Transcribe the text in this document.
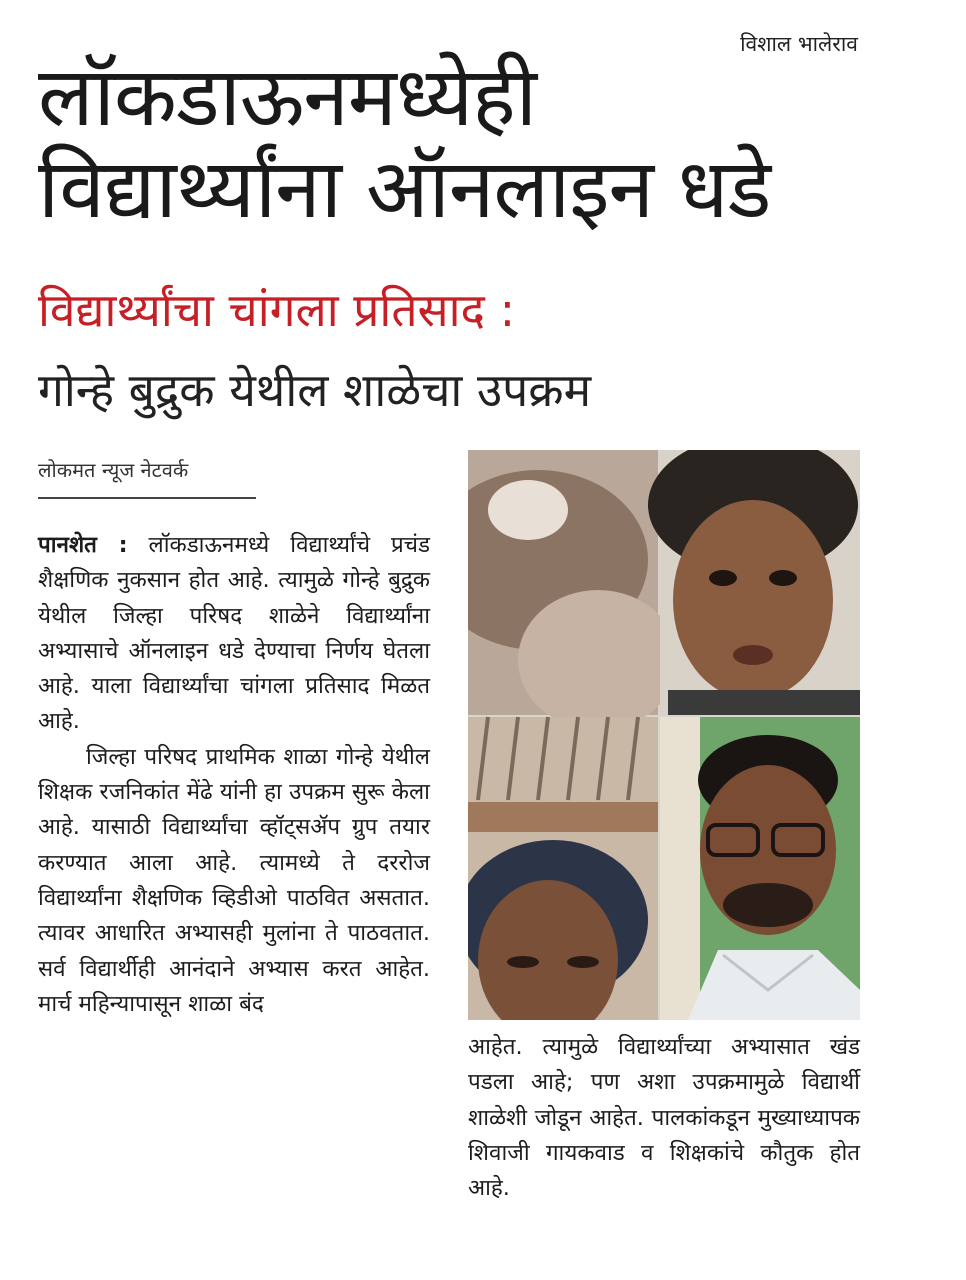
विशाल भालेराव
लॉकडाऊनमध्येही
विद्यार्थ्यांना ऑनलाइन धडे
विद्यार्थ्यांचा चांगला प्रतिसाद :
गोन्हे बुद्रुक येथील शाळेचा उपक्रम
लोकमत न्यूज नेटवर्क

पानशेत : लॉकडाऊनमध्ये विद्यार्थ्यांचे प्रचंड शैक्षणिक नुकसान होत आहे. त्यामुळे गोन्हे बुद्रुक येथील जिल्हा परिषद शाळेने विद्यार्थ्यांना अभ्यासाचे ऑनलाइन धडे देण्याचा निर्णय घेतला आहे. याला विद्यार्थ्यांचा चांगला प्रतिसाद मिळत आहे.

जिल्हा परिषद प्राथमिक शाळा गोन्हे येथील शिक्षक रजनिकांत मेंढे यांनी हा उपक्रम सुरू केला आहे. यासाठी विद्यार्थ्यांचा व्हॉट्सॲप ग्रुप तयार करण्यात आला आहे. त्यामध्ये ते दररोज विद्यार्थ्यांना शैक्षणिक व्हिडीओ पाठवित असतात. त्यावर आधारित अभ्यासही मुलांना ते पाठवतात. सर्व विद्यार्थीही आनंदाने अभ्यास करत आहेत. मार्च महिन्यापासून शाळा बंद

आहेत. त्यामुळे विद्यार्थ्यांच्या अभ्यासात खंड पडला आहे; पण अशा उपक्रमामुळे विद्यार्थी शाळेशी जोडून आहेत. पालकांकडून मुख्याध्यापक शिवाजी गायकवाड व शिक्षकांचे कौतुक होत आहे.
